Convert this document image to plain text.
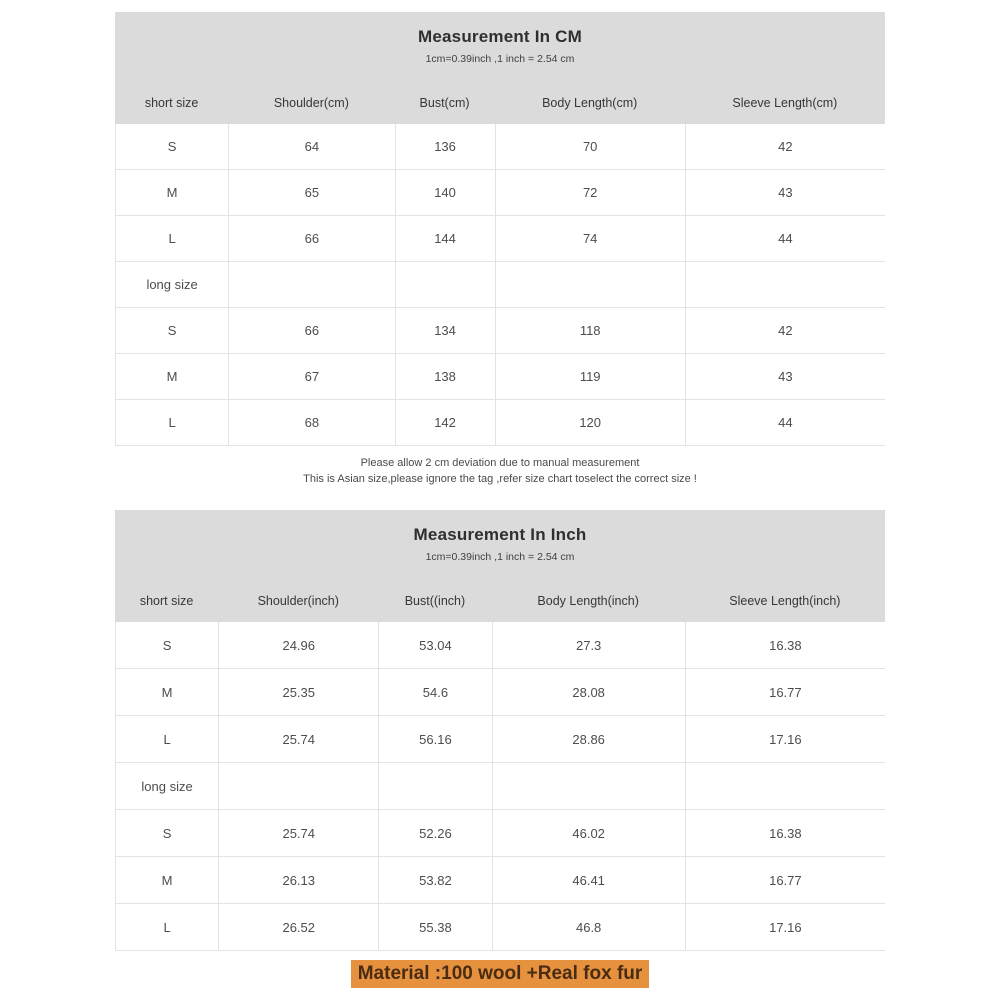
Measurement In CM
1cm=0.39inch ,1 inch = 2.54 cm
short size	Shoulder(cm)	Bust(cm)	Body Length(cm)	Sleeve Length(cm)
S	64	136	70	42
M	65	140	72	43
L	66	144	74	44
long size
S	66	134	118	42
M	67	138	119	43
L	68	142	120	44
Please allow 2 cm deviation due to manual measurement
This is Asian size,please ignore the tag ,refer size chart toselect the correct size !
Measurement In Inch
1cm=0.39inch ,1 inch = 2.54 cm
short size	Shoulder(inch)	Bust((inch)	Body Length(inch)	Sleeve Length(inch)
S	24.96	53.04	27.3	16.38
M	25.35	54.6	28.08	16.77
L	25.74	56.16	28.86	17.16
long size
S	25.74	52.26	46.02	16.38
M	26.13	53.82	46.41	16.77
L	26.52	55.38	46.8	17.16
Material :100 wool +Real fox fur
